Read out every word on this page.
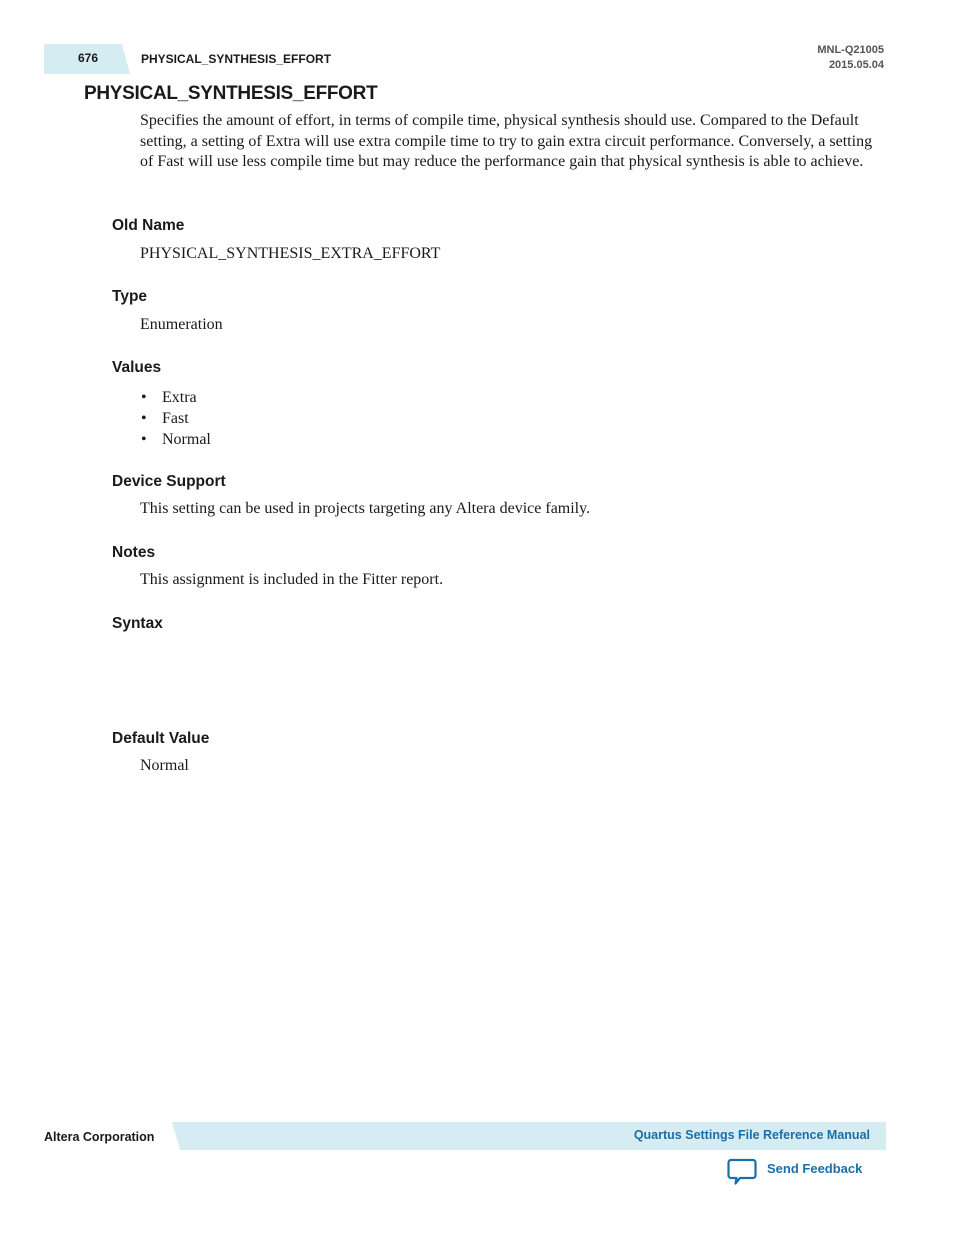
676	PHYSICAL_SYNTHESIS_EFFORT
MNL-Q21005
2015.05.04
PHYSICAL_SYNTHESIS_EFFORT
Specifies the amount of effort, in terms of compile time, physical synthesis should use. Compared to the Default setting, a setting of Extra will use extra compile time to try to gain extra circuit performance. Conversely, a setting of Fast will use less compile time but may reduce the performance gain that physical synthesis is able to achieve.
Old Name
PHYSICAL_SYNTHESIS_EXTRA_EFFORT
Type
Enumeration
Values
• Extra
• Fast
• Normal
Device Support
This setting can be used in projects targeting any Altera device family.
Notes
This assignment is included in the Fitter report.
Syntax
Default Value
Normal
Altera Corporation	Quartus Settings File Reference Manual
Send Feedback
